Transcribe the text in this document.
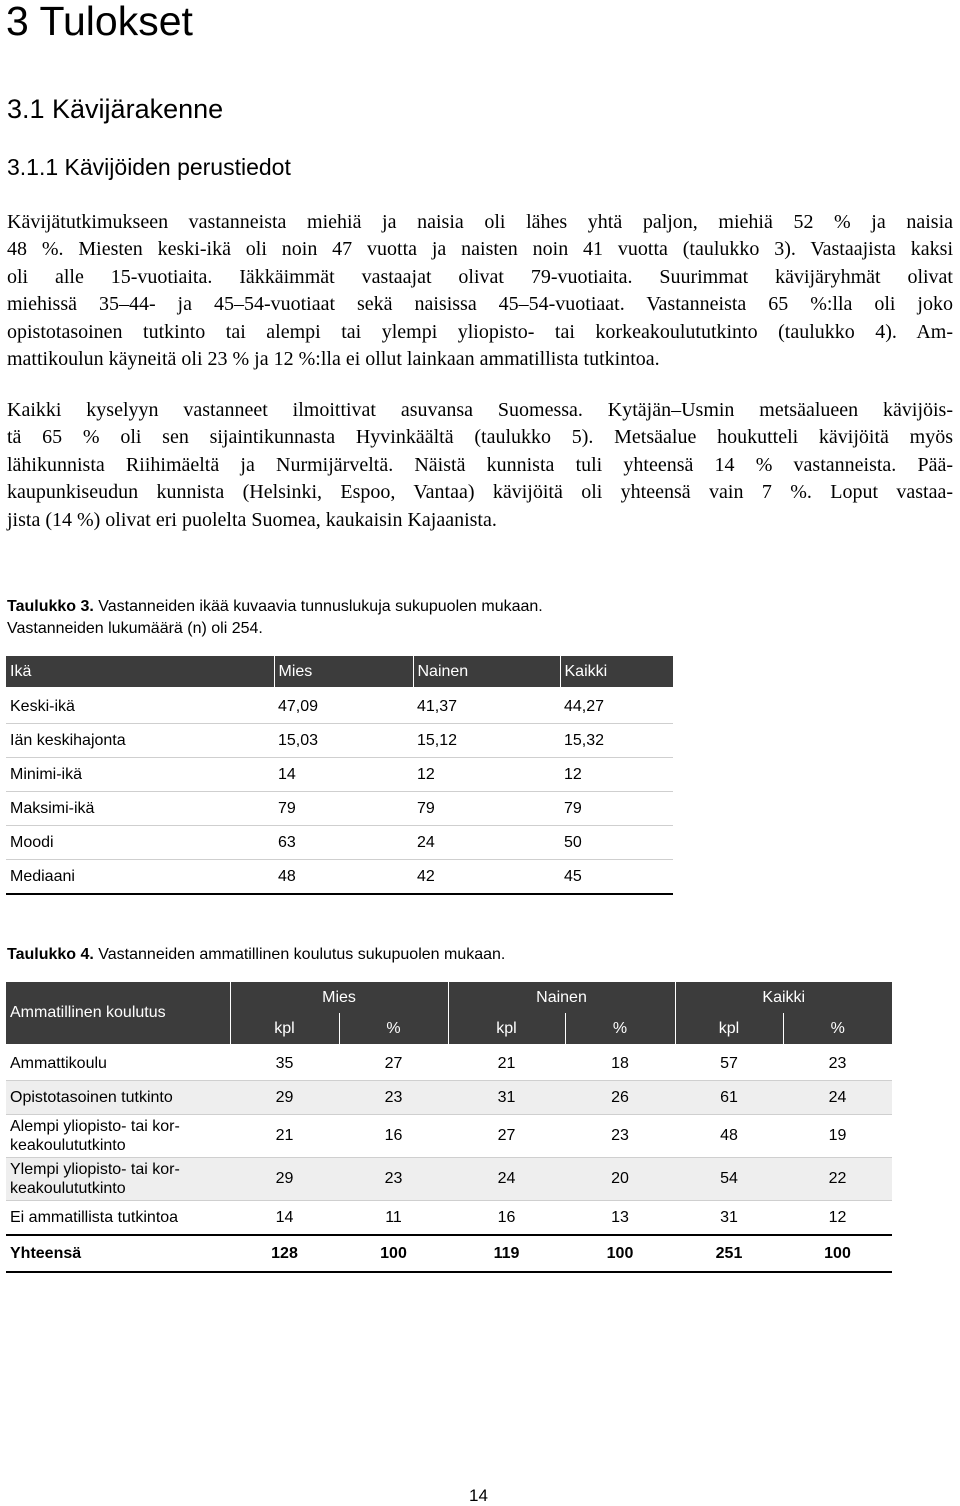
3 Tulokset
3.1 Kävijärakenne
3.1.1 Kävijöiden perustiedot
Kävijätutkimukseen vastanneista miehiä ja naisia oli lähes yhtä paljon, miehiä 52 % ja naisia
48 %. Miesten keski-ikä oli noin 47 vuotta ja naisten noin 41 vuotta (taulukko 3). Vastaajista kaksi
oli alle 15-vuotiaita. Iäkkäimmät vastaajat olivat 79-vuotiaita. Suurimmat kävijäryhmät olivat
miehissä 35–44- ja 45–54-vuotiaat sekä naisissa 45–54-vuotiaat. Vastanneista 65 %:lla oli joko
opistotasoinen tutkinto tai alempi tai ylempi yliopisto- tai korkeakoulututkinto (taulukko 4). Am-
mattikoulun käyneitä oli 23 % ja 12 %:lla ei ollut lainkaan ammatillista tutkintoa.
Kaikki kyselyyn vastanneet ilmoittivat asuvansa Suomessa. Kytäjän–Usmin metsäalueen kävijöis-
tä 65 % oli sen sijaintikunnasta Hyvinkäältä (taulukko 5). Metsäalue houkutteli kävijöitä myös
lähikunnista Riihimäeltä ja Nurmijärveltä. Näistä kunnista tuli yhteensä 14 % vastanneista. Pää-
kaupunkiseudun kunnista (Helsinki, Espoo, Vantaa) kävijöitä oli yhteensä vain 7 %. Loput vastaa-
jista (14 %) olivat eri puolelta Suomea, kaukaisin Kajaanista.
Taulukko 3. Vastanneiden ikää kuvaavia tunnuslukuja sukupuolen mukaan.
Vastanneiden lukumäärä (n) oli 254.
Ikä	Mies	Nainen	Kaikki

Keski-ikä	47,09	41,37	44,27
Iän keskihajonta	15,03	15,12	15,32
Minimi-ikä	14	12	12
Maksimi-ikä	79	79	79
Moodi	63	24	50
Mediaani	48	42	45
Taulukko 4. Vastanneiden ammatillinen koulutus sukupuolen mukaan.
Ammatillinen koulutus	Mies		Nainen		Kaikki	
	kpl	%	kpl	%	kpl	%

Ammattikoulu	35	27	21	18	57	23
Opistotasoinen tutkinto	29	23	31	26	61	24
Alempi yliopisto- tai kor-
keakoulututkinto	21	16	27	23	48	19
Ylempi yliopisto- tai kor-
keakoulututkinto	29	23	24	20	54	22
Ei ammatillista tutkintoa	14	11	16	13	31	12
Yhteensä	128	100	119	100	251	100
14
